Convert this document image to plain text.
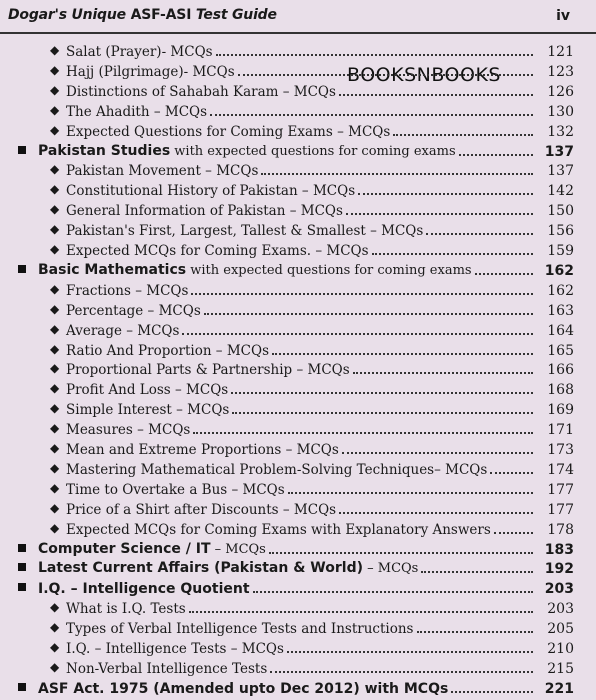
Dogar's Unique ASF-ASI Test Guide	iv
BOOKSNBOOKS
◆ Salat (Prayer)- MCQs	121
◆ Hajj (Pilgrimage)- MCQs	123
◆ Distinctions of Sahabah Karam – MCQs	126
◆ The Ahadith – MCQs	130
◆ Expected Questions for Coming Exams – MCQs	132
Pakistan Studies with expected questions for coming exams	137
◆ Pakistan Movement – MCQs	137
◆ Constitutional History of Pakistan – MCQs	142
◆ General Information of Pakistan – MCQs	150
◆ Pakistan's First, Largest, Tallest & Smallest – MCQs	156
◆ Expected MCQs for Coming Exams. – MCQs	159
Basic Mathematics with expected questions for coming exams	162
◆ Fractions – MCQs	162
◆ Percentage – MCQs	163
◆ Average – MCQs	164
◆ Ratio And Proportion – MCQs	165
◆ Proportional Parts & Partnership – MCQs	166
◆ Profit And Loss – MCQs	168
◆ Simple Interest – MCQs	169
◆ Measures – MCQs	171
◆ Mean and Extreme Proportions – MCQs	173
◆ Mastering Mathematical Problem-Solving Techniques– MCQs	174
◆ Time to Overtake a Bus – MCQs	177
◆ Price of a Shirt after Discounts – MCQs	177
◆ Expected MCQs for Coming Exams with Explanatory Answers	178
Computer Science / IT – MCQs	183
Latest Current Affairs (Pakistan & World) – MCQs	192
I.Q. – Intelligence Quotient	203
◆ What is I.Q. Tests	203
◆ Types of Verbal Intelligence Tests and Instructions	205
◆ I.Q. – Intelligence Tests – MCQs	210
◆ Non-Verbal Intelligence Tests	215
ASF Act. 1975 (Amended upto Dec 2012) with MCQs	221
